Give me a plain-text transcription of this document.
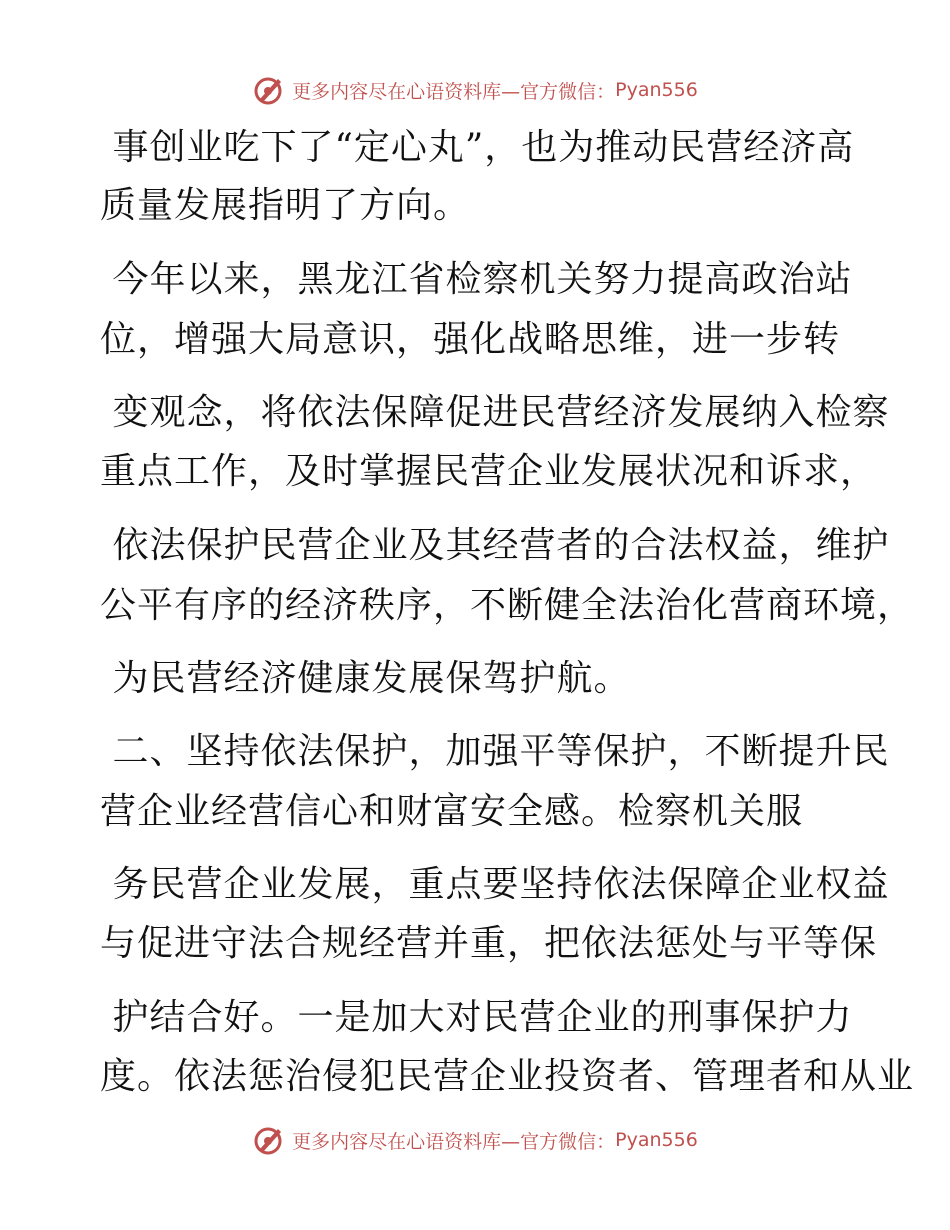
更多内容尽在心语资料库—官方微信： Pyan556
事创业吃下了“定心丸”，也为推动民营经济高
质量发展指明了方向。
今年以来，黑龙江省检察机关努力提高政治站
位，增强大局意识，强化战略思维，进一步转
变观念，将依法保障促进民营经济发展纳入检察
重点工作，及时掌握民营企业发展状况和诉求，
依法保护民营企业及其经营者的合法权益，维护
公平有序的经济秩序，不断健全法治化营商环境，
为民营经济健康发展保驾护航。
二、坚持依法保护，加强平等保护，不断提升民
营企业经营信心和财富安全感。检察机关服
务民营企业发展，重点要坚持依法保障企业权益
与促进守法合规经营并重，把依法惩处与平等保
护结合好。一是加大对民营企业的刑事保护力
度。依法惩治侵犯民营企业投资者、管理者和从业
更多内容尽在心语资料库—官方微信： Pyan556
